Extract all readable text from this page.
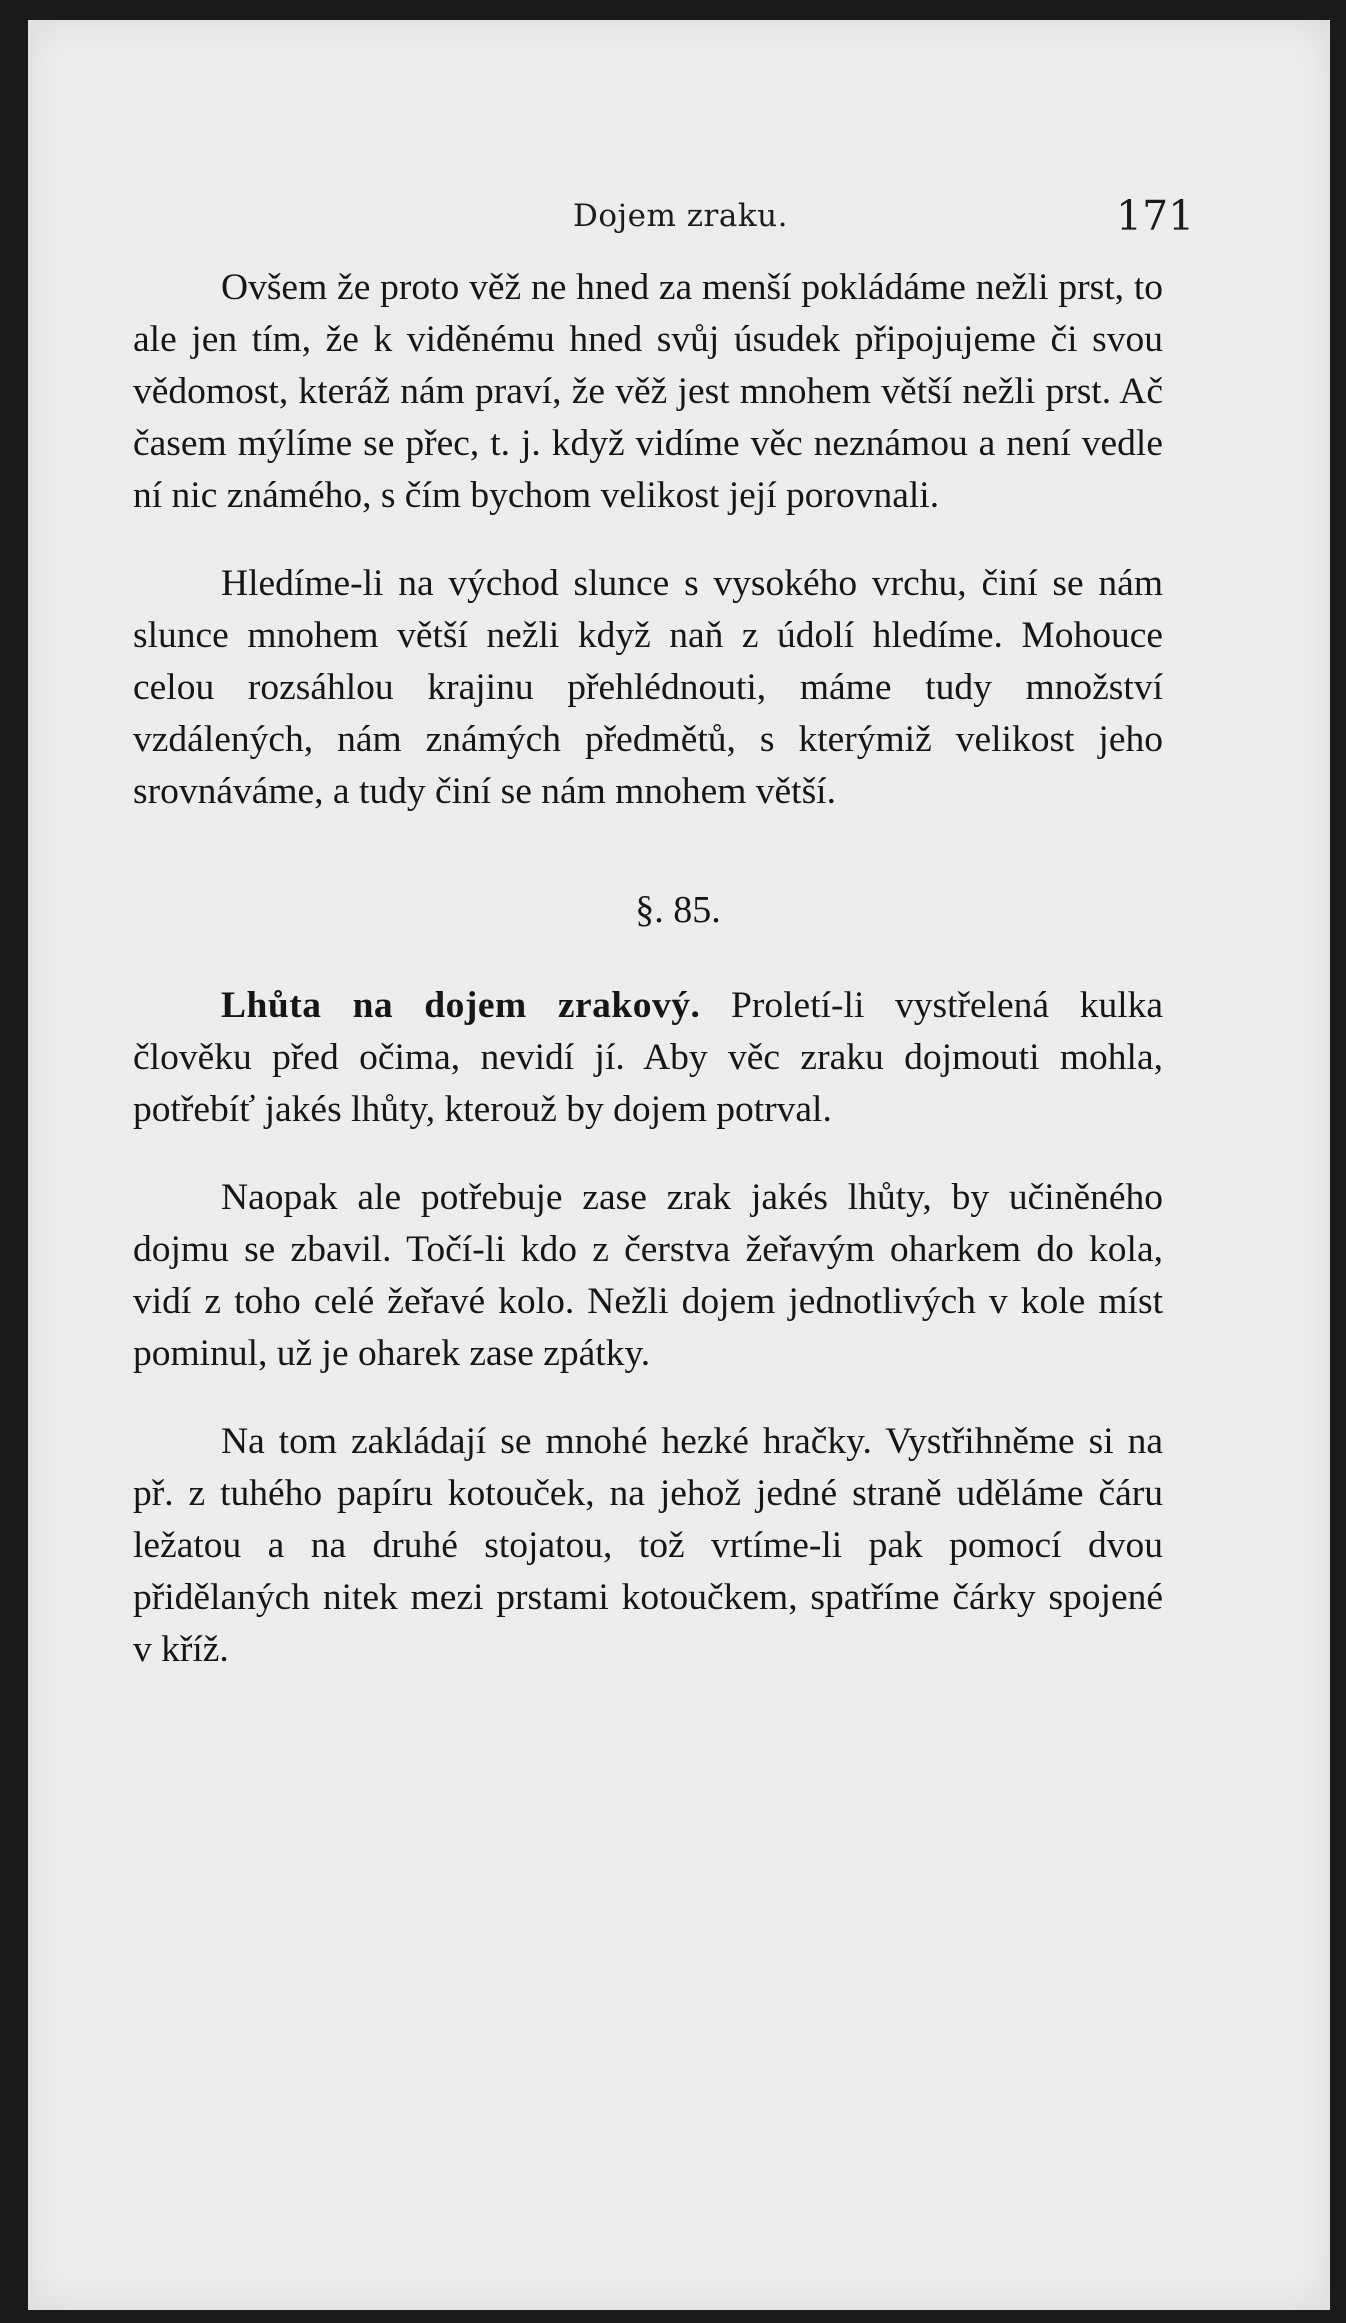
Dojem zraku.	171

Ovšem že proto věž ne hned za menší pokládáme nežli prst, to ale jen tím, že k viděnému hned svůj úsudek připojujeme či svou vědomost, kteráž nám praví, že věž jest mnohem větší nežli prst. Ač časem mýlíme se přec, t. j. když vidíme věc neznámou a není vedle ní nic známého, s čím bychom velikost její porovnali.

Hledíme-li na východ slunce s vysokého vrchu, činí se nám slunce mnohem větší nežli když naň z údolí hledíme. Mohouce celou rozsáhlou krajinu přehlédnouti, máme tudy množství vzdálených, nám známých předmětů, s kterýmiž velikost jeho srovnáváme, a tudy činí se nám mnohem větší.

§. 85.

Lhůta na dojem zrakový. Proletí-li vystřelená kulka člověku před očima, nevidí jí. Aby věc zraku dojmouti mohla, potřebíť jakés lhůty, kterouž by dojem potrval.

Naopak ale potřebuje zase zrak jakés lhůty, by učiněného dojmu se zbavil. Točí-li kdo z čerstva žeřavým oharkem do kola, vidí z toho celé žeřavé kolo. Nežli dojem jednotlivých v kole míst pominul, už je oharek zase zpátky.

Na tom zakládají se mnohé hezké hračky. Vystřihněme si na př. z tuhého papíru kotouček, na jehož jedné straně uděláme čáru ležatou a na druhé stojatou, tož vrtíme-li pak pomocí dvou přidělaných nitek mezi prstami kotoučkem, spatříme čárky spojené v kříž.
